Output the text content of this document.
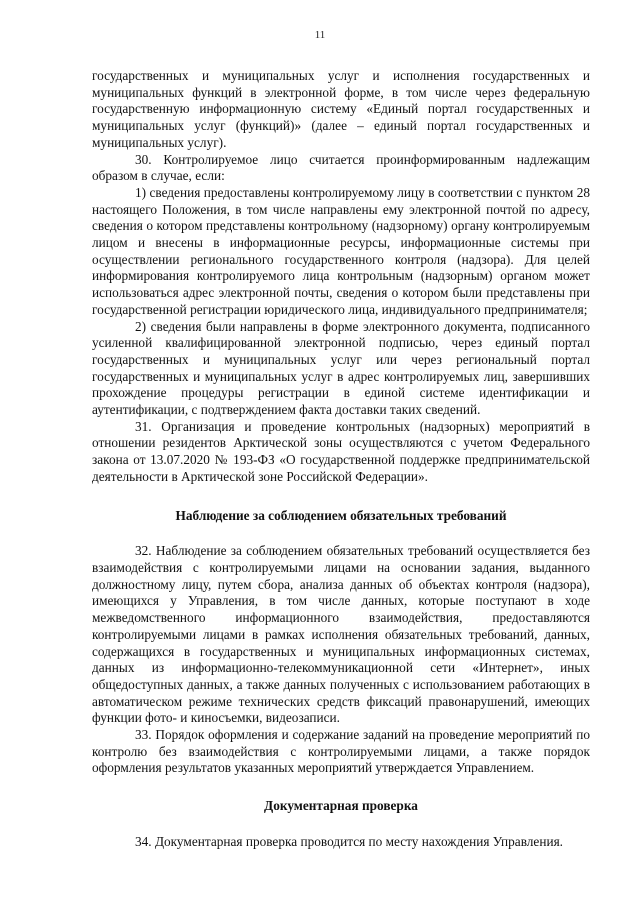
11

государственных и муниципальных услуг и исполнения государственных и муниципальных функций в электронной форме, в том числе через федеральную государственную информационную систему «Единый портал государственных и муниципальных услуг (функций)» (далее – единый портал государственных и муниципальных услуг).

30. Контролируемое лицо считается проинформированным надлежащим образом в случае, если:

1) сведения предоставлены контролируемому лицу в соответствии с пунктом 28 настоящего Положения, в том числе направлены ему электронной почтой по адресу, сведения о котором представлены контрольному (надзорному) органу контролируемым лицом и внесены в информационные ресурсы, информационные системы при осуществлении регионального государственного контроля (надзора). Для целей информирования контролируемого лица контрольным (надзорным) органом может использоваться адрес электронной почты, сведения о котором были представлены при государственной регистрации юридического лица, индивидуального предпринимателя;

2) сведения были направлены в форме электронного документа, подписанного усиленной квалифицированной электронной подписью, через единый портал государственных и муниципальных услуг или через региональный портал государственных и муниципальных услуг в адрес контролируемых лиц, завершивших прохождение процедуры регистрации в единой системе идентификации и аутентификации, с подтверждением факта доставки таких сведений.

31. Организация и проведение контрольных (надзорных) мероприятий в отношении резидентов Арктической зоны осуществляются с учетом Федерального закона от 13.07.2020 № 193-ФЗ «О государственной поддержке предпринимательской деятельности в Арктической зоне Российской Федерации».

Наблюдение за соблюдением обязательных требований

32. Наблюдение за соблюдением обязательных требований осуществляется без взаимодействия с контролируемыми лицами на основании задания, выданного должностному лицу, путем сбора, анализа данных об объектах контроля (надзора), имеющихся у Управления, в том числе данных, которые поступают в ходе межведомственного информационного взаимодействия, предоставляются контролируемыми лицами в рамках исполнения обязательных требований, данных, содержащихся в государственных и муниципальных информационных системах, данных из информационно-телекоммуникационной сети «Интернет», иных общедоступных данных, а также данных полученных с использованием работающих в автоматическом режиме технических средств фиксаций правонарушений, имеющих функции фото- и киносъемки, видеозаписи.

33. Порядок оформления и содержание заданий на проведение мероприятий по контролю без взаимодействия с контролируемыми лицами, а также порядок оформления результатов указанных мероприятий утверждается Управлением.

Документарная проверка

34. Документарная проверка проводится по месту нахождения Управления.
